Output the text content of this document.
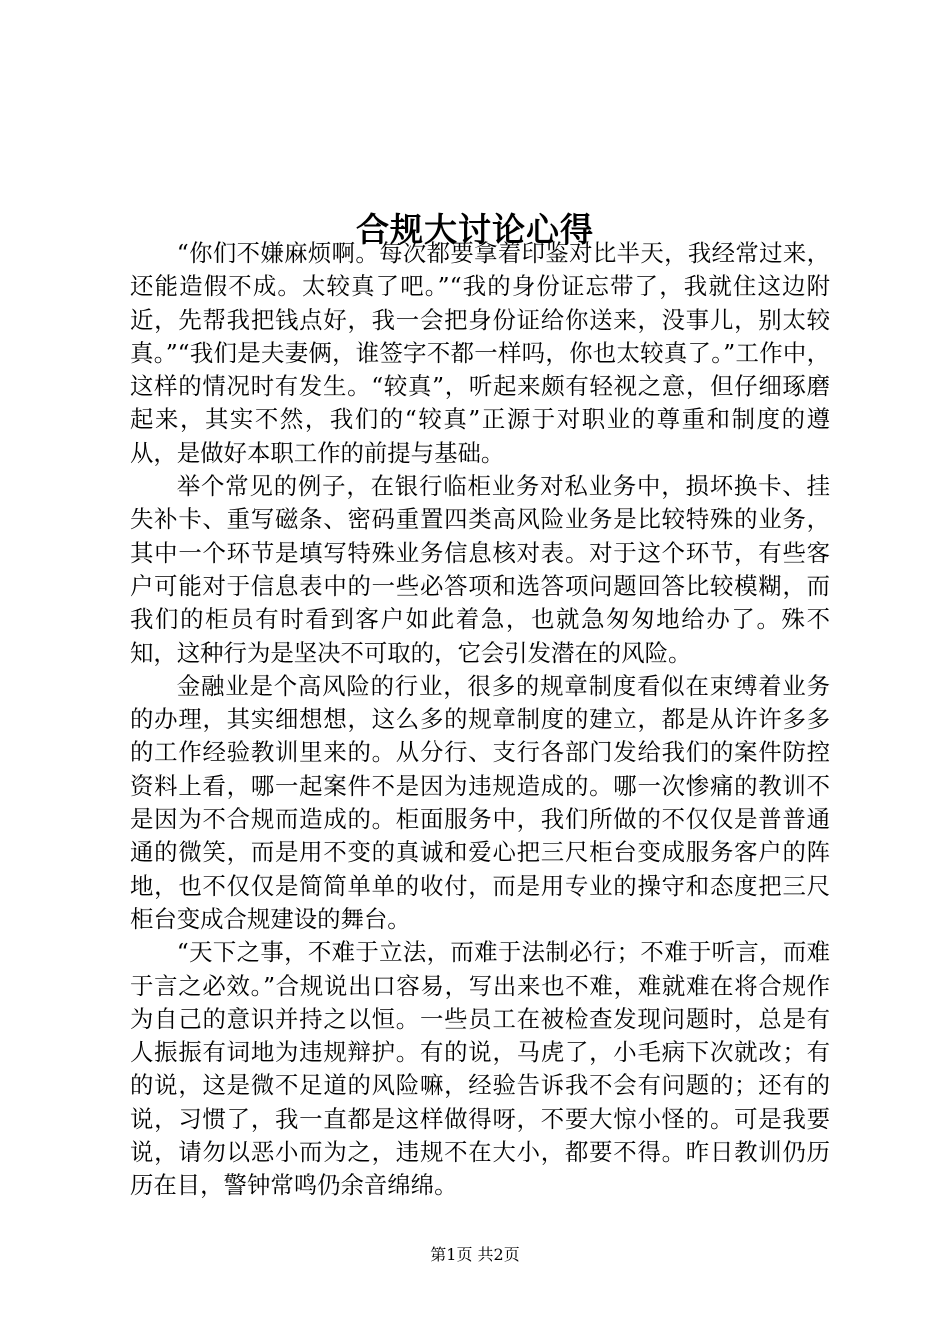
合规大讨论心得

“你们不嫌麻烦啊。每次都要拿着印鉴对比半天，我经常过来，还能造假不成。太较真了吧。”“我的身份证忘带了，我就住这边附近，先帮我把钱点好，我一会把身份证给你送来，没事儿，别太较真。”“我们是夫妻俩，谁签字不都一样吗，你也太较真了。”工作中，这样的情况时有发生。“较真”，听起来颇有轻视之意，但仔细琢磨起来，其实不然，我们的“较真”正源于对职业的尊重和制度的遵从，是做好本职工作的前提与基础。

举个常见的例子，在银行临柜业务对私业务中，损坏换卡、挂失补卡、重写磁条、密码重置四类高风险业务是比较特殊的业务，其中一个环节是填写特殊业务信息核对表。对于这个环节，有些客户可能对于信息表中的一些必答项和选答项问题回答比较模糊，而我们的柜员有时看到客户如此着急，也就急匆匆地给办了。殊不知，这种行为是坚决不可取的，它会引发潜在的风险。

金融业是个高风险的行业，很多的规章制度看似在束缚着业务的办理，其实细想想，这么多的规章制度的建立，都是从许许多多的工作经验教训里来的。从分行、支行各部门发给我们的案件防控资料上看，哪一起案件不是因为违规造成的。哪一次惨痛的教训不是因为不合规而造成的。柜面服务中，我们所做的不仅仅是普普通通的微笑，而是用不变的真诚和爱心把三尺柜台变成服务客户的阵地，也不仅仅是简简单单的收付，而是用专业的操守和态度把三尺柜台变成合规建设的舞台。

“天下之事，不难于立法，而难于法制必行；不难于听言，而难于言之必效。”合规说出口容易，写出来也不难，难就难在将合规作为自己的意识并持之以恒。一些员工在被检查发现问题时，总是有人振振有词地为违规辩护。有的说，马虎了，小毛病下次就改；有的说，这是微不足道的风险嘛，经验告诉我不会有问题的；还有的说，习惯了，我一直都是这样做得呀，不要大惊小怪的。可是我要说，请勿以恶小而为之，违规不在大小，都要不得。昨日教训仍历历在目，警钟常鸣仍余音绵绵。

第1页 共2页
